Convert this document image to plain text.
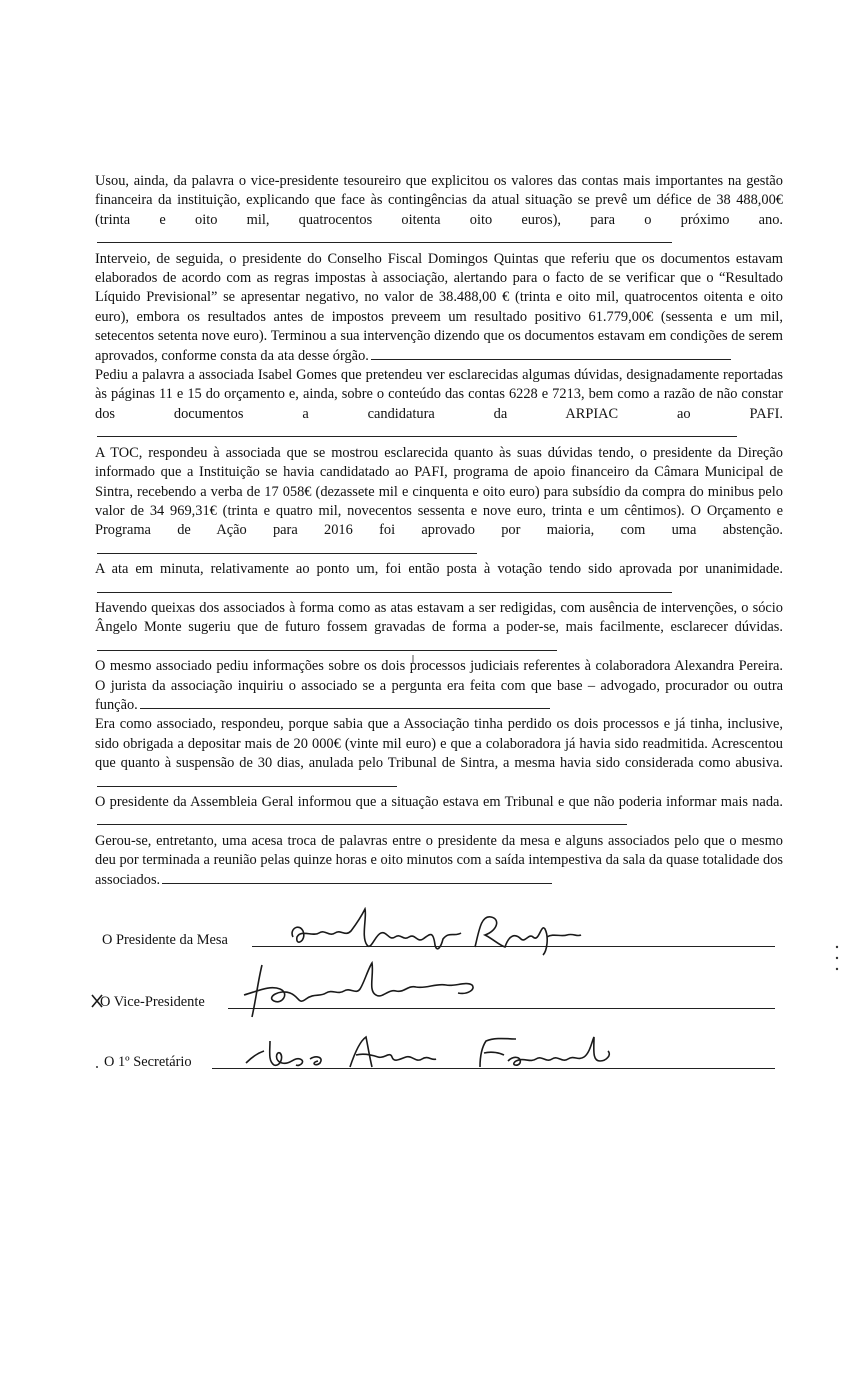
Usou, ainda, da palavra o vice-presidente tesoureiro que explicitou os valores das contas mais importantes na gestão financeira da instituição, explicando que face às contingências da atual situação se prevê um défice de 38 488,00€ (trinta e oito mil, quatrocentos oitenta oito euros), para o próximo ano.

Interveio, de seguida, o presidente do Conselho Fiscal Domingos Quintas que referiu que os documentos estavam elaborados de acordo com as regras impostas à associação, alertando para o facto de se verificar que o “Resultado Líquido Previsional” se apresentar negativo, no valor de 38.488,00 € (trinta e oito mil, quatrocentos oitenta e oito euro), embora os resultados antes de impostos preveem um resultado positivo 61.779,00€ (sessenta e um mil, setecentos setenta nove euro). Terminou a sua intervenção dizendo que os documentos estavam em condições de serem aprovados, conforme consta da ata desse órgão.

Pediu a palavra a associada Isabel Gomes que pretendeu ver esclarecidas algumas dúvidas, designadamente reportadas às páginas 11 e 15 do orçamento e, ainda, sobre o conteúdo das contas 6228 e 7213, bem como a razão de não constar dos documentos a candidatura da ARPIAC ao PAFI.

A TOC, respondeu à associada que se mostrou esclarecida quanto às suas dúvidas tendo, o presidente da Direção informado que a Instituição se havia candidatado ao PAFI, programa de apoio financeiro da Câmara Municipal de Sintra, recebendo a verba de 17 058€ (dezassete mil e cinquenta e oito euro) para subsídio da compra do minibus pelo valor de 34 969,31€ (trinta e quatro mil, novecentos sessenta e nove euro, trinta e um cêntimos). O Orçamento e Programa de Ação para 2016 foi aprovado por maioria, com uma abstenção.

A ata em minuta, relativamente ao ponto um, foi então posta à votação tendo sido aprovada por unanimidade.

Havendo queixas dos associados à forma como as atas estavam a ser redigidas, com ausência de intervenções, o sócio Ângelo Monte sugeriu que de futuro fossem gravadas de forma a poder-se, mais facilmente, esclarecer dúvidas.

O mesmo associado pediu informações sobre os dois processos judiciais referentes à colaboradora Alexandra Pereira. O jurista da associação inquiriu o associado se a pergunta era feita com que base – advogado, procurador ou outra função.

Era como associado, respondeu, porque sabia que a Associação tinha perdido os dois processos e já tinha, inclusive, sido obrigada a depositar mais de 20 000€ (vinte mil euro) e que a colaboradora já havia sido readmitida. Acrescentou que quanto à suspensão de 30 dias, anulada pelo Tribunal de Sintra, a mesma havia sido considerada como abusiva.

O presidente da Assembleia Geral informou que a situação estava em Tribunal e que não poderia informar mais nada.

Gerou-se, entretanto, uma acesa troca de palavras entre o presidente da mesa e alguns associados pelo que o mesmo deu por terminada a reunião pelas quinze horas e oito minutos com a saída intempestiva da sala da quase totalidade dos associados.

O Presidente da Mesa
O Vice-Presidente
O 1º Secretário
